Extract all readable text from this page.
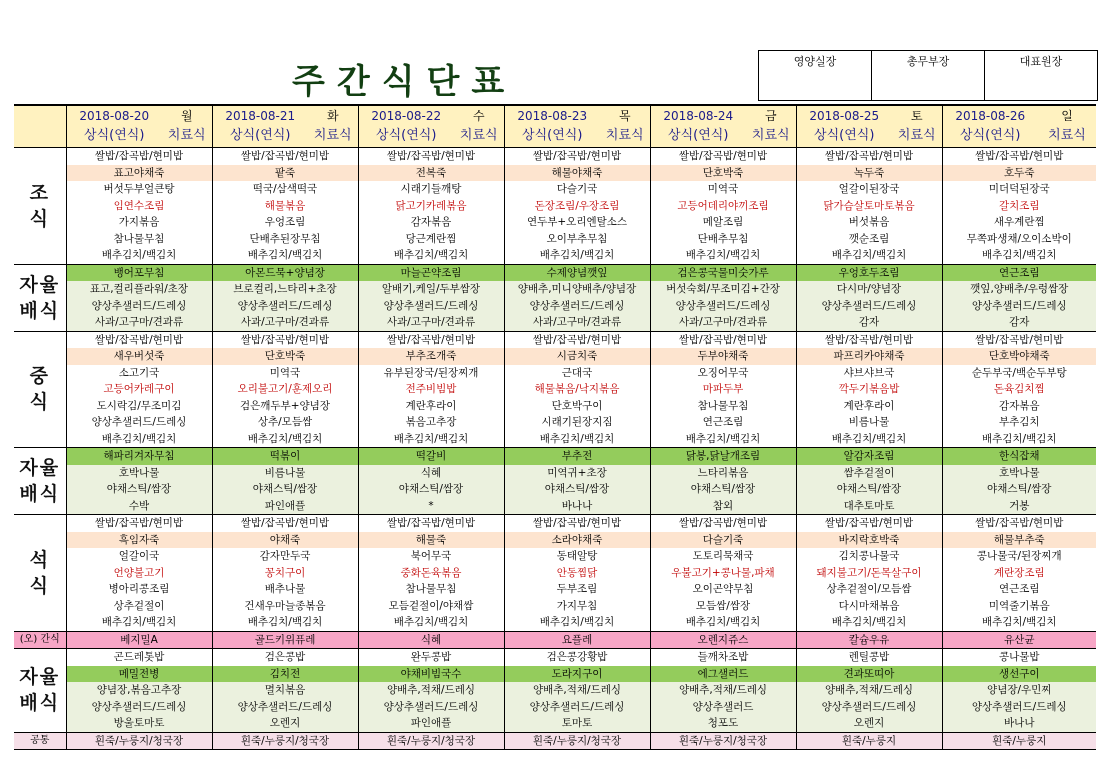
주간식단표
영양실장	총무부장	대표원장
	2018-08-20	월	2018-08-21	화	2018-08-22	수	2018-08-23	목	2018-08-24	금	2018-08-25	토	2018-08-26	일
	상식(연식)	치료식	상식(연식)	치료식	상식(연식)	치료식	상식(연식)	치료식	상식(연식)	치료식	상식(연식)	치료식	상식(연식)	치료식

조
식	쌀밥/잡곡밥/현미밥		쌀밥/잡곡밥/현미밥		쌀밥/잡곡밥/현미밥		쌀밥/잡곡밥/현미밥		쌀밥/잡곡밥/현미밥		쌀밥/잡곡밥/현미밥		쌀밥/잡곡밥/현미밥	
	표고야채죽		팥죽		전복죽		해물야채죽		단호박죽		녹두죽		호두죽	
	버섯두부얼큰탕		떡국/삼색떡국		시래기들깨탕		다슬기국		미역국		얼갈이된장국		미더덕된장국	
	임연수조림		해물볶음		닭고기카레볶음		돈장조림/우장조림		고등어데리야끼조림		닭가슴살토마토볶음		갈치조림	
	가지볶음		우엉조림		감자볶음		연두부+오리엔탈소스		메알조림		버섯볶음		새우계란찜	
	참나물무침		단배추된장무침		당근계란찜		오이부추무침		단배추무침		깻순조림		무쪽파생채/오이소박이	
	배추김치/백김치		배추김치/백김치		배추김치/백김치		배추김치/백김치		배추김치/백김치		배추김치/백김치		배추김치/백김치	

자율
배식	뱅어포무침		아몬드묵+양념장		마늘곤약조림		수제양념깻잎		검은콩국물미숫가루		우엉호두조림		연근조림	
	표고,컬리플라워/초장		브로컬리,느타리+초장		알배기,케일/두부쌈장		양배추,미니양배추/양념장		버섯숙회/무조미김+간장		다시마/양념장		깻잎,양배추/우렁쌈장	
	양상추샐러드/드레싱		양상추샐러드/드레싱		양상추샐러드/드레싱		양상추샐러드/드레싱		양상추샐러드/드레싱		양상추샐러드/드레싱		양상추샐러드/드레싱	
	사과/고구마/견과류		사과/고구마/견과류		사과/고구마/견과류		사과/고구마/견과류		사과/고구마/견과류		감자		감자	

중
식	쌀밥/잡곡밥/현미밥		쌀밥/잡곡밥/현미밥		쌀밥/잡곡밥/현미밥		쌀밥/잡곡밥/현미밥		쌀밥/잡곡밥/현미밥		쌀밥/잡곡밥/현미밥		쌀밥/잡곡밥/현미밥	
	새우버섯죽		단호박죽		부추조개죽		시금치죽		두부야채죽		파프리카야채죽		단호박야채죽	
	소고기국		미역국		유부된장국/된장찌개		근대국		오징어무국		샤브샤브국		순두부국/백순두부탕	
	고등어카레구이		오리불고기/훈제오리		전주비빔밥		해물볶음/낙지볶음		마파두부		깍두기볶음밥		돈육김치찜	
	도시락김/무조미김		검은깨두부+양념장		계란후라이		단호박구이		참나물무침		계란후라이		감자볶음	
	양상추샐러드/드레싱		상추/모듬쌈		볶음고추장		시래기된장지짐		연근조림		비름나물		부추김치	
	배추김치/백김치		배추김치/백김치		배추김치/백김치		배추김치/백김치		배추김치/백김치		배추김치/백김치		배추김치/백김치	

자율
배식	해파리겨자무침		떡볶이		떡갈비		부추전		닭봉,닭날개조림		알감자조림		한식잡채	
	호박나물		비름나물		식혜		미역귀+초장		느타리볶음		쌈추겉절이		호박나물	
	야채스틱/쌈장		야채스틱/쌈장		야채스틱/쌈장		야채스틱/쌈장		야채스틱/쌈장		야채스틱/쌈장		야채스틱/쌈장	
	수박		파인애플		*		바나나		참외		대추토마토		거봉	

석
식	쌀밥/잡곡밥/현미밥		쌀밥/잡곡밥/현미밥		쌀밥/잡곡밥/현미밥		쌀밥/잡곡밥/현미밥		쌀밥/잡곡밥/현미밥		쌀밥/잡곡밥/현미밥		쌀밥/잡곡밥/현미밥	
	흑임자죽		야채죽		해물죽		소라야채죽		다슬기죽		바지락호박죽		해물부추죽	
	얼갈이국		감자만두국		북어무국		동태알탕		도토리묵채국		김치콩나물국		콩나물국/된장찌개	
	언양불고기		꽁치구이		중화돈육볶음		안동찜닭		우불고기+콩나물,파채		돼지불고기/돈목살구이		계란장조림	
	병아리콩조림		배추나물		참나물무침		두부조림		오이곤약무침		상추겉절이/모듬쌈		연근조림	
	상추겉절이		건새우마늘종볶음		모듬겉절이/야채쌈		가지무침		모듬쌈/쌈장		다시마채볶음		미역줄기볶음	
	배추김치/백김치		배추김치/백김치		배추김치/백김치		배추김치/백김치		배추김치/백김치		배추김치/백김치		배추김치/백김치	
(오) 간식	베지밀A		골드키위퓨레		식혜		요플레		오렌지쥬스		칼슘우유		유산균	

자율
배식	곤드레톳밥		검은콩밥		완두콩밥		검은콩강황밥		들깨차조밥		렌틸콩밥		콩나물밥	
	메밀전병		김치전		야채비빔국수		도라지구이		에그샐러드		견과또띠아		생선구이	
	양념장,볶음고추장		멸치볶음		양배추,적채/드레싱		양배추,적채/드레싱		양배추,적채/드레싱		양배추,적채/드레싱		양념장/우민찌	
	양상추샐러드/드레싱		양상추샐러드/드레싱		양상추샐러드/드레싱		양상추샐러드/드레싱		양상추샐러드		양상추샐러드/드레싱		양상추샐러드/드레싱	
	방울토마토		오렌지		파인애플		토마토		청포도		오렌지		바나나	
공통	흰죽/누룽지/청국장		흰죽/누룽지/청국장		흰죽/누룽지/청국장		흰죽/누룽지/청국장		흰죽/누룽지/청국장		흰죽/누룽지		흰죽/누룽지	
